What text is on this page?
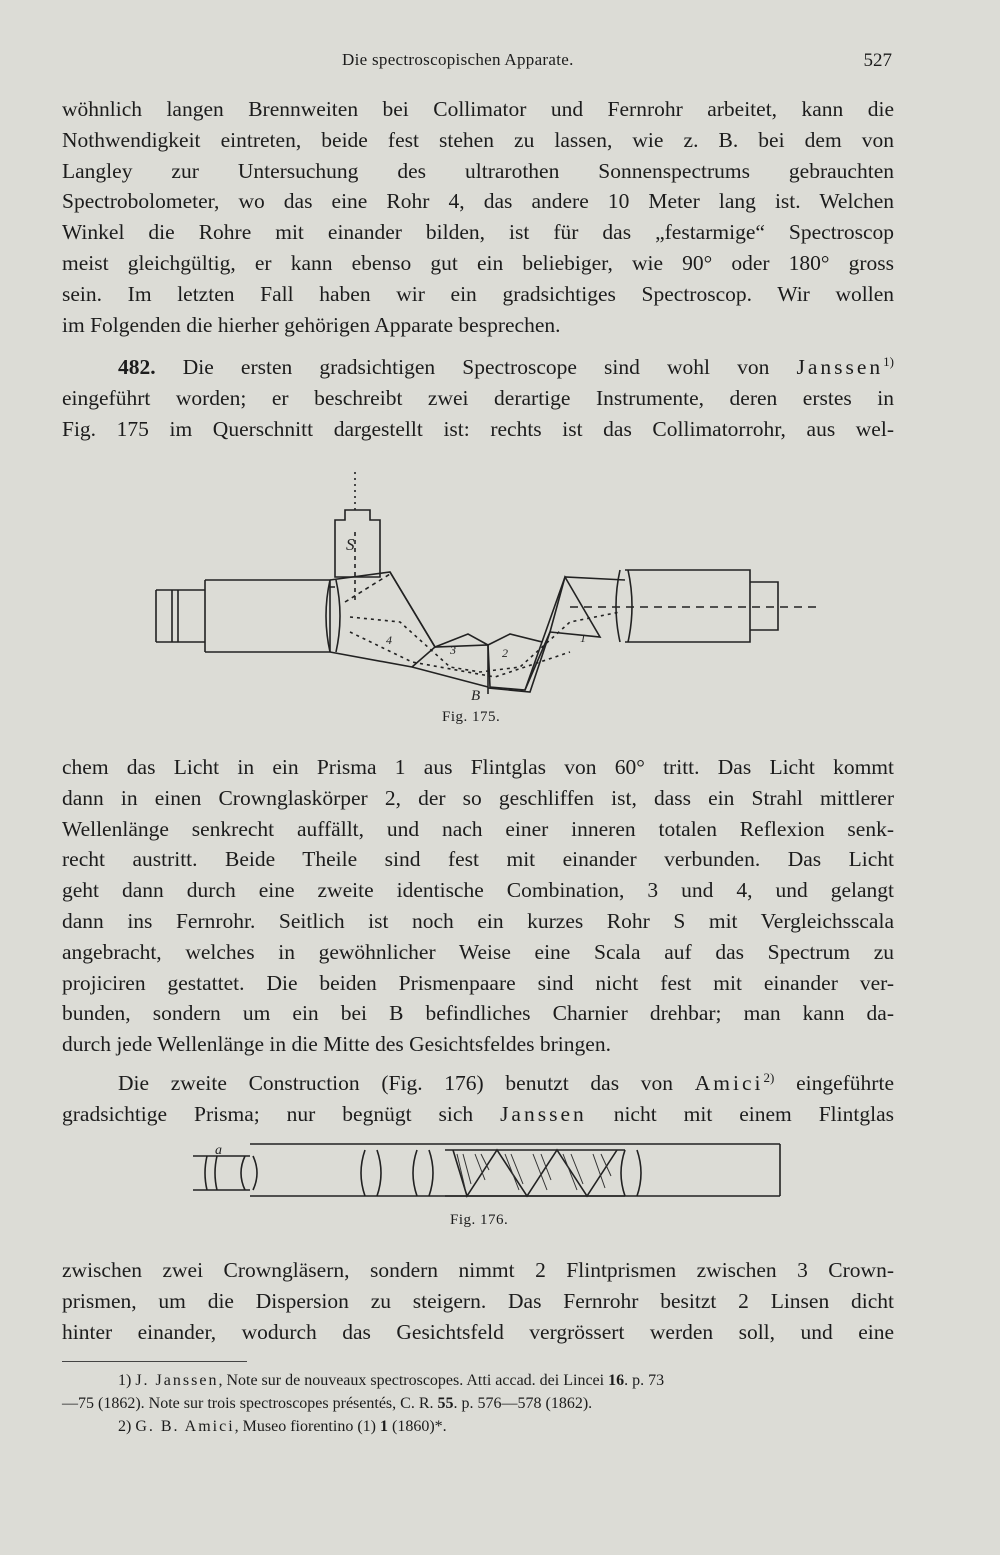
Die spectroscopischen Apparate.	527

wöhnlich langen Brennweiten bei Collimator und Fernrohr arbeitet, kann die

Nothwendigkeit eintreten, beide fest stehen zu lassen, wie z. B. bei dem von

Langley zur Untersuchung des ultrarothen Sonnenspectrums gebrauchten

Spectrobolometer, wo das eine Rohr 4, das andere 10 Meter lang ist. Welchen

Winkel die Rohre mit einander bilden, ist für das „festarmige“ Spectroscop

meist gleichgültig, er kann ebenso gut ein beliebiger, wie 90° oder 180° gross

sein. Im letzten Fall haben wir ein gradsichtiges Spectroscop. Wir wollen

im Folgenden die hierher gehörigen Apparate besprechen.

482. Die ersten gradsichtigen Spectroscope sind wohl von Janssen$^{1)}$

eingeführt worden; er beschreibt zwei derartige Instrumente, deren erstes in

Fig. 175 im Querschnitt dargestellt ist: rechts ist das Collimatorrohr, aus wel-

S
1
2
3
4
B
Fig. 175.

chem das Licht in ein Prisma 1 aus Flintglas von 60° tritt. Das Licht kommt

dann in einen Crownglaskörper 2, der so geschliffen ist, dass ein Strahl mittlerer

Wellenlänge senkrecht auffällt, und nach einer inneren totalen Reflexion senk-

recht austritt. Beide Theile sind fest mit einander verbunden. Das Licht

geht dann durch eine zweite identische Combination, 3 und 4, und gelangt

dann ins Fernrohr. Seitlich ist noch ein kurzes Rohr S mit Vergleichsscala

angebracht, welches in gewöhnlicher Weise eine Scala auf das Spectrum zu

projiciren gestattet. Die beiden Prismenpaare sind nicht fest mit einander ver-

bunden, sondern um ein bei B befindliches Charnier drehbar; man kann da-

durch jede Wellenlänge in die Mitte des Gesichtsfeldes bringen.

Die zweite Construction (Fig. 176) benutzt das von Amici$^{2)}$ eingeführte

gradsichtige Prisma; nur begnügt sich Janssen nicht mit einem Flintglas

a
Fig. 176.

zwischen zwei Crowngläsern, sondern nimmt 2 Flintprismen zwischen 3 Crown-

prismen, um die Dispersion zu steigern. Das Fernrohr besitzt 2 Linsen dicht

hinter einander, wodurch das Gesichtsfeld vergrössert werden soll, und eine

1) J. Janssen, Note sur de nouveaux spectroscopes. Atti accad. dei Lincei 16. p. 73

—75 (1862). Note sur trois spectroscopes présentés, C. R. 55. p. 576—578 (1862).

2) G. B. Amici, Museo fiorentino (1) 1 (1860)*.
